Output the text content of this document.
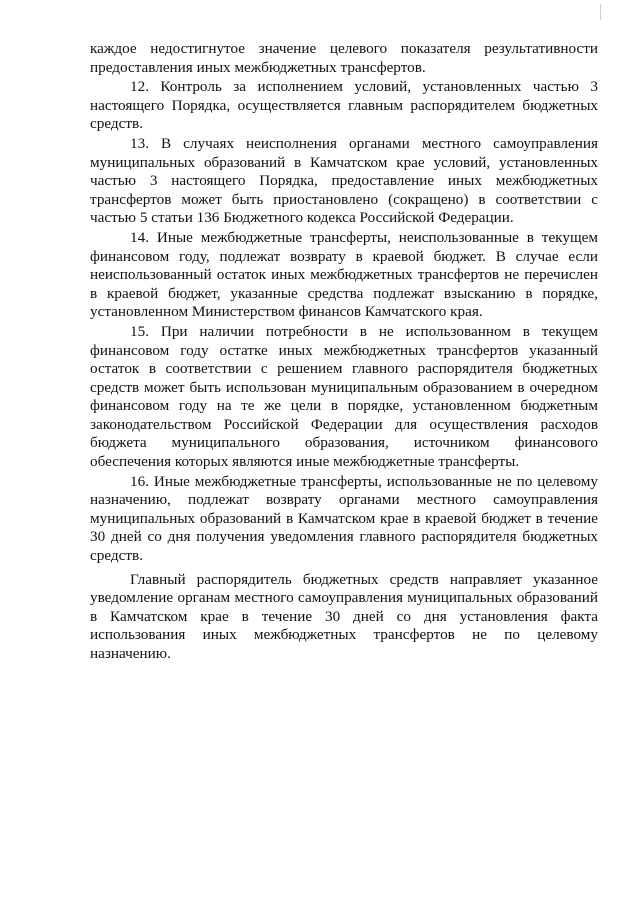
каждое недостигнутое значение целевого показателя результативности предоставления иных межбюджетных трансфертов.

12. Контроль за исполнением условий, установленных частью 3 настоящего Порядка, осуществляется главным распорядителем бюджетных средств.

13. В случаях неисполнения органами местного самоуправления муниципальных образований в Камчатском крае условий, установленных частью 3 настоящего Порядка, предоставление иных межбюджетных трансфертов может быть приостановлено (сокращено) в соответствии с частью 5 статьи 136 Бюджетного кодекса Российской Федерации.

14. Иные межбюджетные трансферты, неиспользованные в текущем финансовом году, подлежат возврату в краевой бюджет. В случае если неиспользованный остаток иных межбюджетных трансфертов не перечислен в краевой бюджет, указанные средства подлежат взысканию в порядке, установленном Министерством финансов Камчатского края.

15. При наличии потребности в не использованном в текущем финансовом году остатке иных межбюджетных трансфертов указанный остаток в соответствии с решением главного распорядителя бюджетных средств может быть использован муниципальным образованием в очередном финансовом году на те же цели в порядке, установленном бюджетным законодательством Российской Федерации для осуществления расходов бюджета муниципального образования, источником финансового обеспечения которых являются иные межбюджетные трансферты.

16. Иные межбюджетные трансферты, использованные не по целевому назначению, подлежат возврату органами местного самоуправления муниципальных образований в Камчатском крае в краевой бюджет в течение 30 дней со дня получения уведомления главного распорядителя бюджетных средств.

Главный распорядитель бюджетных средств направляет указанное уведомление органам местного самоуправления муниципальных образований в Камчатском крае в течение 30 дней со дня установления факта использования иных межбюджетных трансфертов не по целевому назначению.
